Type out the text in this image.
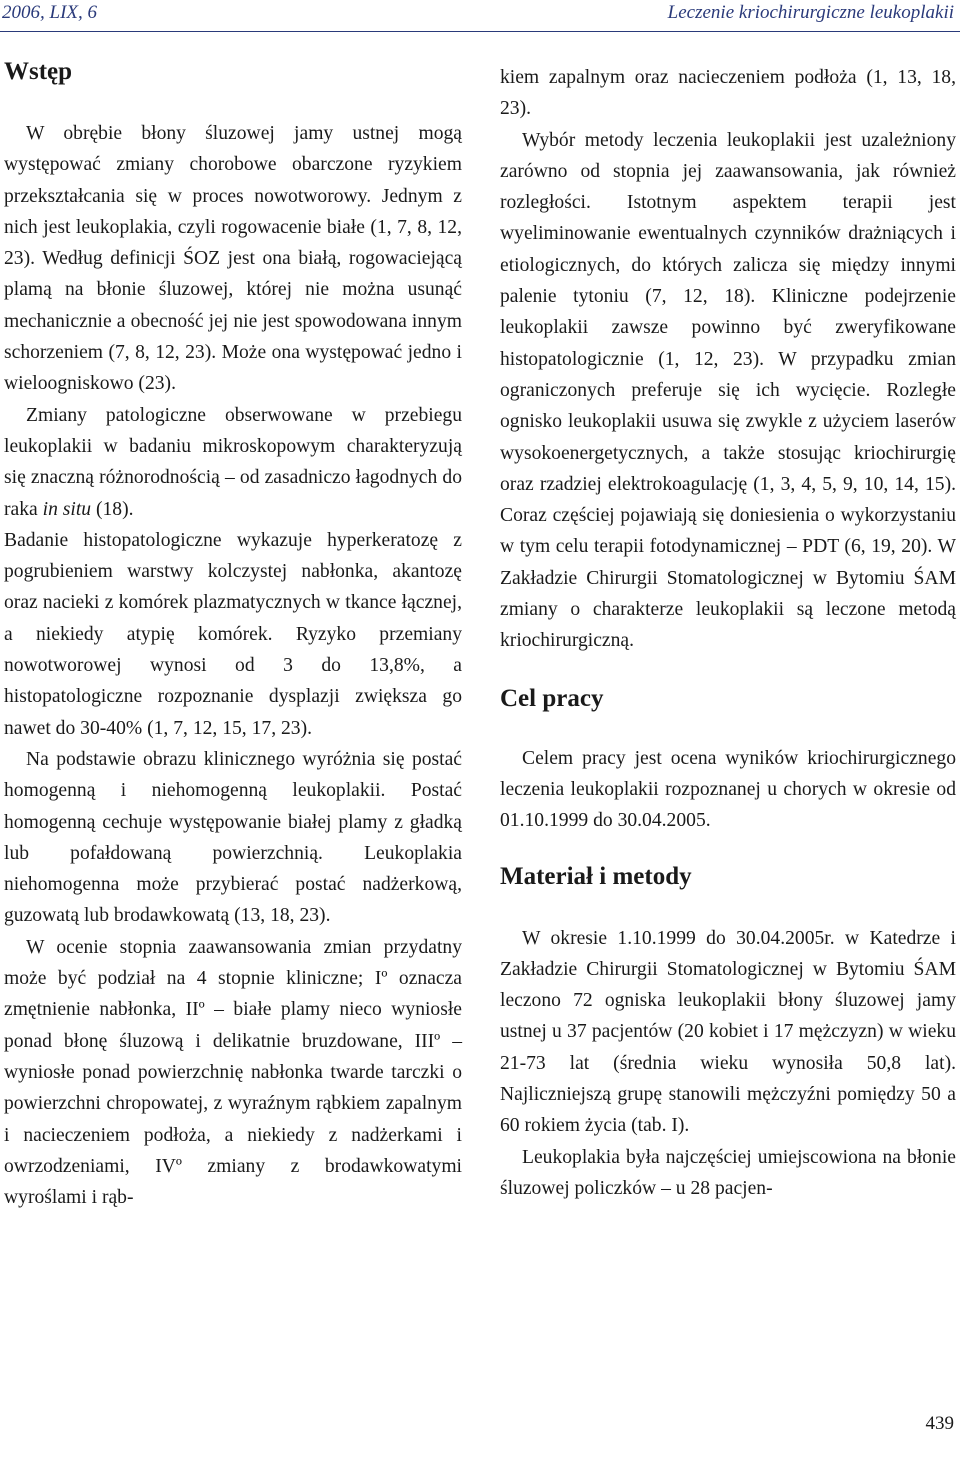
2006, LIX, 6	Leczenie kriochirurgiczne leukoplakii
Wstęp

W obrębie błony śluzowej jamy ustnej mogą występować zmiany chorobowe obarczone ryzykiem przekształcania się w proces nowotworowy. Jednym z nich jest leukoplakia, czyli rogowacenie białe (1, 7, 8, 12, 23). Według definicji ŚOZ jest ona białą, rogowaciejącą plamą na błonie śluzowej, której nie można usunąć mechanicznie a obecność jej nie jest spowodowana innym schorzeniem (7, 8, 12, 23). Może ona występować jedno i wieloogniskowo (23).

Zmiany patologiczne obserwowane w przebiegu leukoplakii w badaniu mikroskopowym charakteryzują się znaczną różnorodnością – od zasadniczo łagodnych do raka in situ (18).

Badanie histopatologiczne wykazuje hyperkeratozę z pogrubieniem warstwy kolczystej nabłonka, akantozę oraz nacieki z komórek plazmatycznych w tkance łącznej, a niekiedy atypię komórek. Ryzyko przemiany nowotworowej wynosi od 3 do 13,8%, a histopatologiczne rozpoznanie dysplazji zwiększa go nawet do 30-40% (1, 7, 12, 15, 17, 23).

Na podstawie obrazu klinicznego wyróżnia się postać homogenną i niehomogenną leukoplakii. Postać homogenną cechuje występowanie białej plamy z gładką lub pofałdowaną powierzchnią. Leukoplakia niehomogenna może przybierać postać nadżerkową, guzowatą lub brodawkowatą (13, 18, 23).

W ocenie stopnia zaawansowania zmian przydatny może być podział na 4 stopnie kliniczne; Iº oznacza zmętnienie nabłonka, IIº – białe plamy nieco wyniosłe ponad błonę śluzową i delikatnie bruzdowane, IIIº – wyniosłe ponad powierzchnię nabłonka twarde tarczki o powierzchni chropowatej, z wyraźnym rąbkiem zapalnym i nacieczeniem podłoża, a niekiedy z nadżerkami i owrzodzeniami, IVº zmiany z brodawkowatymi wyroślami i rąb-

kiem zapalnym oraz nacieczeniem podłoża (1, 13, 18, 23).

Wybór metody leczenia leukoplakii jest uzależniony zarówno od stopnia jej zaawansowania, jak również rozległości. Istotnym aspektem terapii jest wyeliminowanie ewentualnych czynników drażniących i etiologicznych, do których zalicza się między innymi palenie tytoniu (7, 12, 18). Kliniczne podejrzenie leukoplakii zawsze powinno być zweryfikowane histopatologicznie (1, 12, 23). W przypadku zmian ograniczonych preferuje się ich wycięcie. Rozległe ognisko leukoplakii usuwa się zwykle z użyciem laserów wysokoenergetycznych, a także stosując kriochirurgię oraz rzadziej elektrokoagulację (1, 3, 4, 5, 9, 10, 14, 15). Coraz częściej pojawiają się doniesienia o wykorzystaniu w tym celu terapii fotodynamicznej – PDT (6, 19, 20). W Zakładzie Chirurgii Stomatologicznej w Bytomiu ŚAM zmiany o charakterze leukoplakii są leczone metodą kriochirurgiczną.

Cel pracy

Celem pracy jest ocena wyników kriochirurgicznego leczenia leukoplakii rozpoznanej u chorych w okresie od 01.10.1999 do 30.04.2005.

Materiał i metody

W okresie 1.10.1999 do 30.04.2005r. w Katedrze i Zakładzie Chirurgii Stomatologicznej w Bytomiu ŚAM leczono 72 ogniska leukoplakii błony śluzowej jamy ustnej u 37 pacjentów (20 kobiet i 17 mężczyzn) w wieku 21-73 lat (średnia wieku wynosiła 50,8 lat). Najliczniejszą grupę stanowili mężczyźni pomiędzy 50 a 60 rokiem życia (tab. I).

Leukoplakia była najczęściej umiejscowiona na błonie śluzowej policzków – u 28 pacjen-

439
